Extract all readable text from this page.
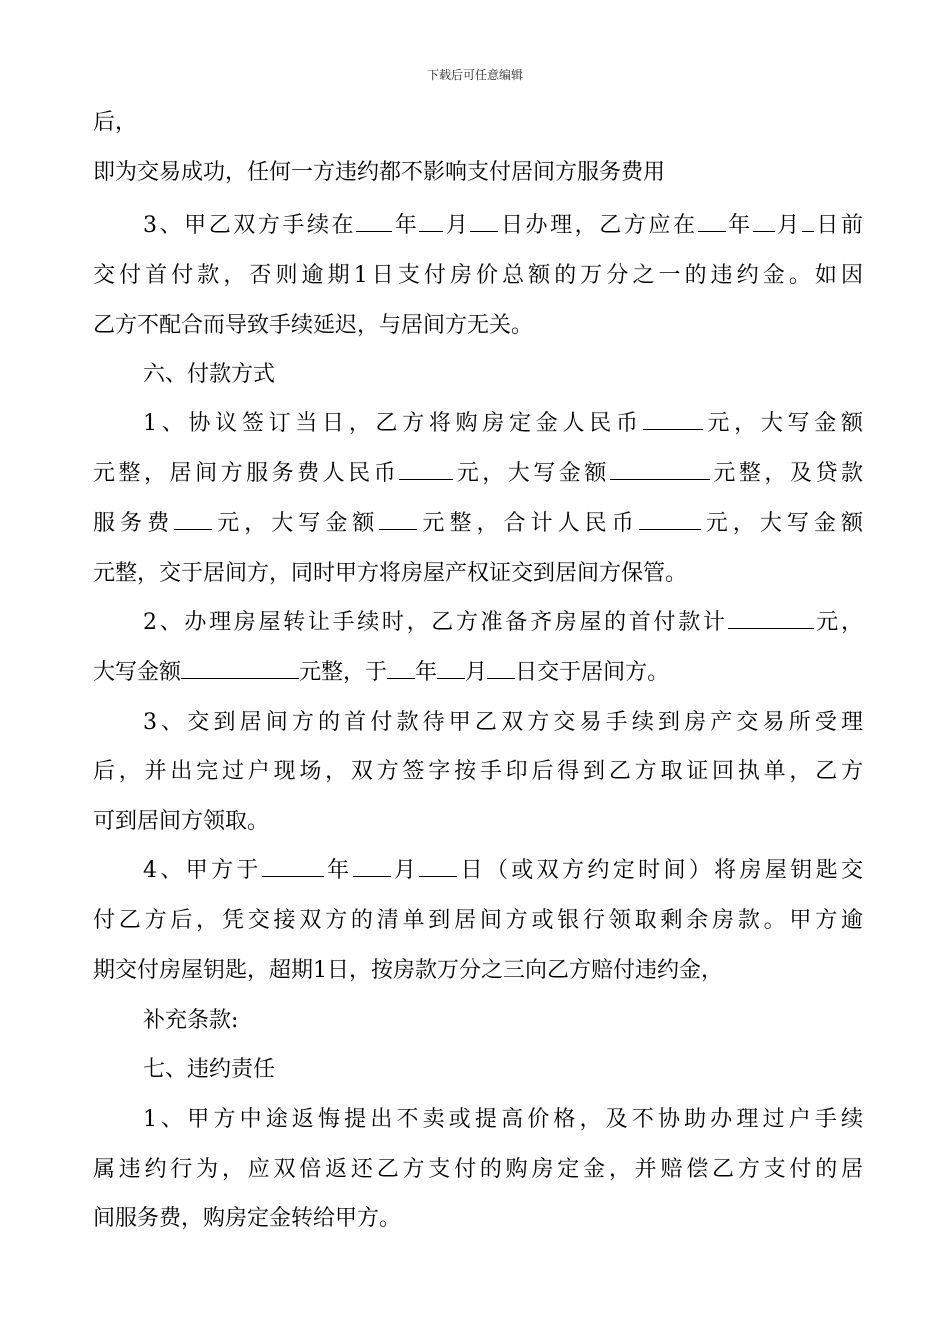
下载后可任意编辑
后，
即为交易成功，任何一方违约都不影响支付居间方服务费用
3、甲乙双方手续在 年 月 日办理，乙方应在 年 月 日前
交付首付款，否则逾期1日支付房价总额的万分之一的违约金。如因
乙方不配合而导致手续延迟，与居间方无关。
六、付款方式
1、协议签订当日，乙方将购房定金人民币	元，大写金额
元整，居间方服务费人民币 元，大写金额	元整，及贷款
服务费 元，大写金额 元整，合计人民币	元，大写金额
元整，交于居间方，同时甲方将房屋产权证交到居间方保管。
2、办理房屋转让手续时，乙方准备齐房屋的首付款计	元，
大写金额	元整，于 年 月 日交于居间方。
3、交到居间方的首付款待甲乙双方交易手续到房产交易所受理
后，并出完过户现场，双方签字按手印后得到乙方取证回执单，乙方
可到居间方领取。
4、甲方于	年 月 日（或双方约定时间）将房屋钥匙交
付乙方后，凭交接双方的清单到居间方或银行领取剩余房款。甲方逾
期交付房屋钥匙，超期1日，按房款万分之三向乙方赔付违约金，
补充条款:
七、违约责任
1、甲方中途返悔提出不卖或提高价格，及不协助办理过户手续
属违约行为，应双倍返还乙方支付的购房定金，并赔偿乙方支付的居
间服务费，购房定金转给甲方。
